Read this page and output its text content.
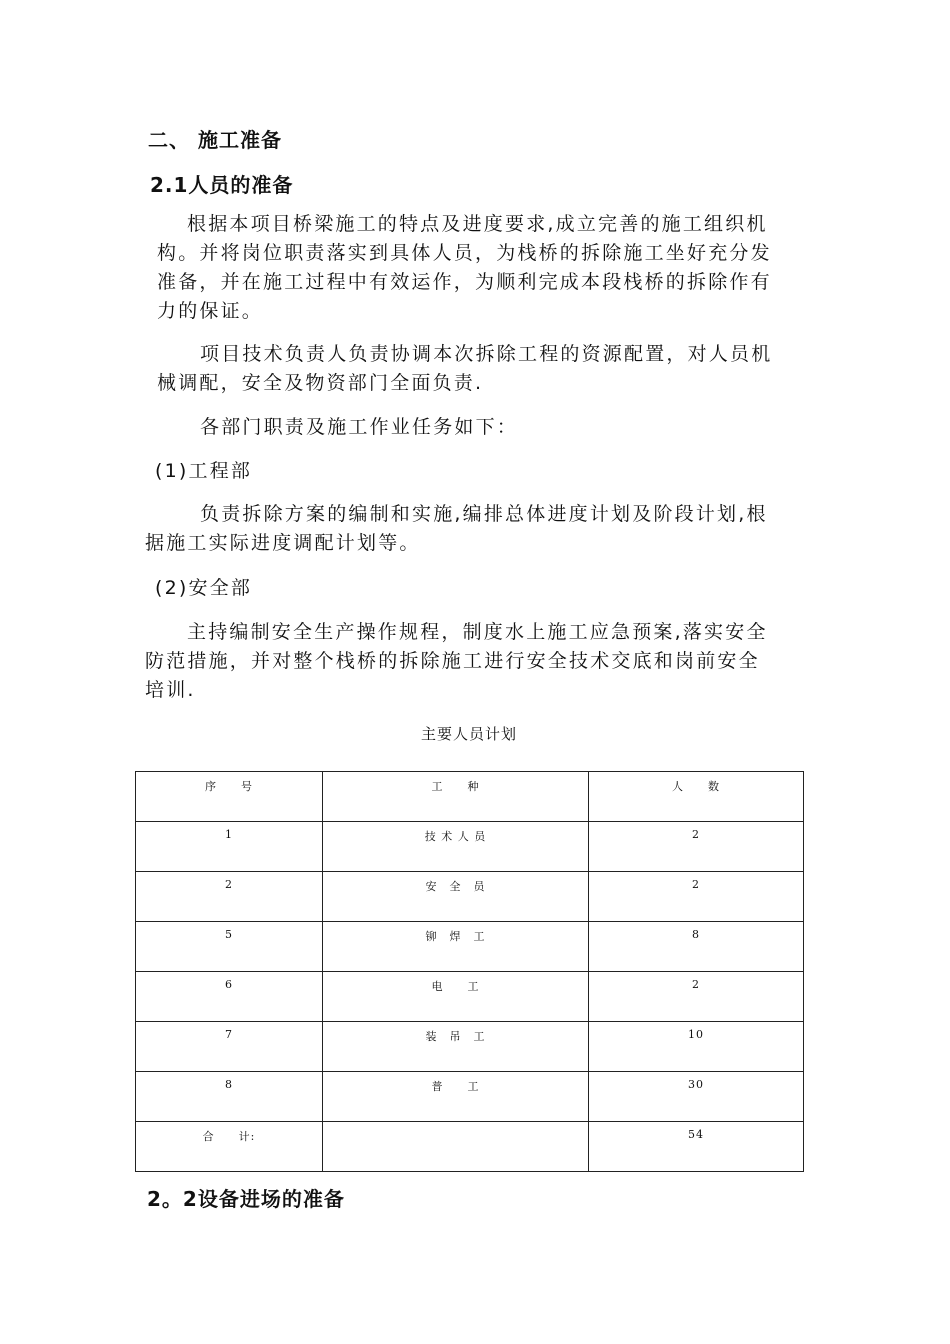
二、 施工准备
2.1人员的准备
根据本项目桥梁施工的特点及进度要求,成立完善的施工组织机
构。并将岗位职责落实到具体人员，为栈桥的拆除施工坐好充分发
准备，并在施工过程中有效运作，为顺利完成本段栈桥的拆除作有
力的保证。
项目技术负责人负责协调本次拆除工程的资源配置，对人员机
械调配，安全及物资部门全面负责.
各部门职责及施工作业任务如下：
(1)工程部
负责拆除方案的编制和实施,编排总体进度计划及阶段计划,根
据施工实际进度调配计划等。
(2)安全部
主持编制安全生产操作规程，制度水上施工应急预案,落实安全
防范措施，并对整个栈桥的拆除施工进行安全技术交底和岗前安全
培训.
主要人员计划
序　　号	工　　种	人　　数
1	技 术 人 员	2
2	安　全　员	2
5	铆　焊　工	8
6	电　　工	2
7	装　吊　工	10
8	普　　工	30
合　　计:		54
2。2设备进场的准备
